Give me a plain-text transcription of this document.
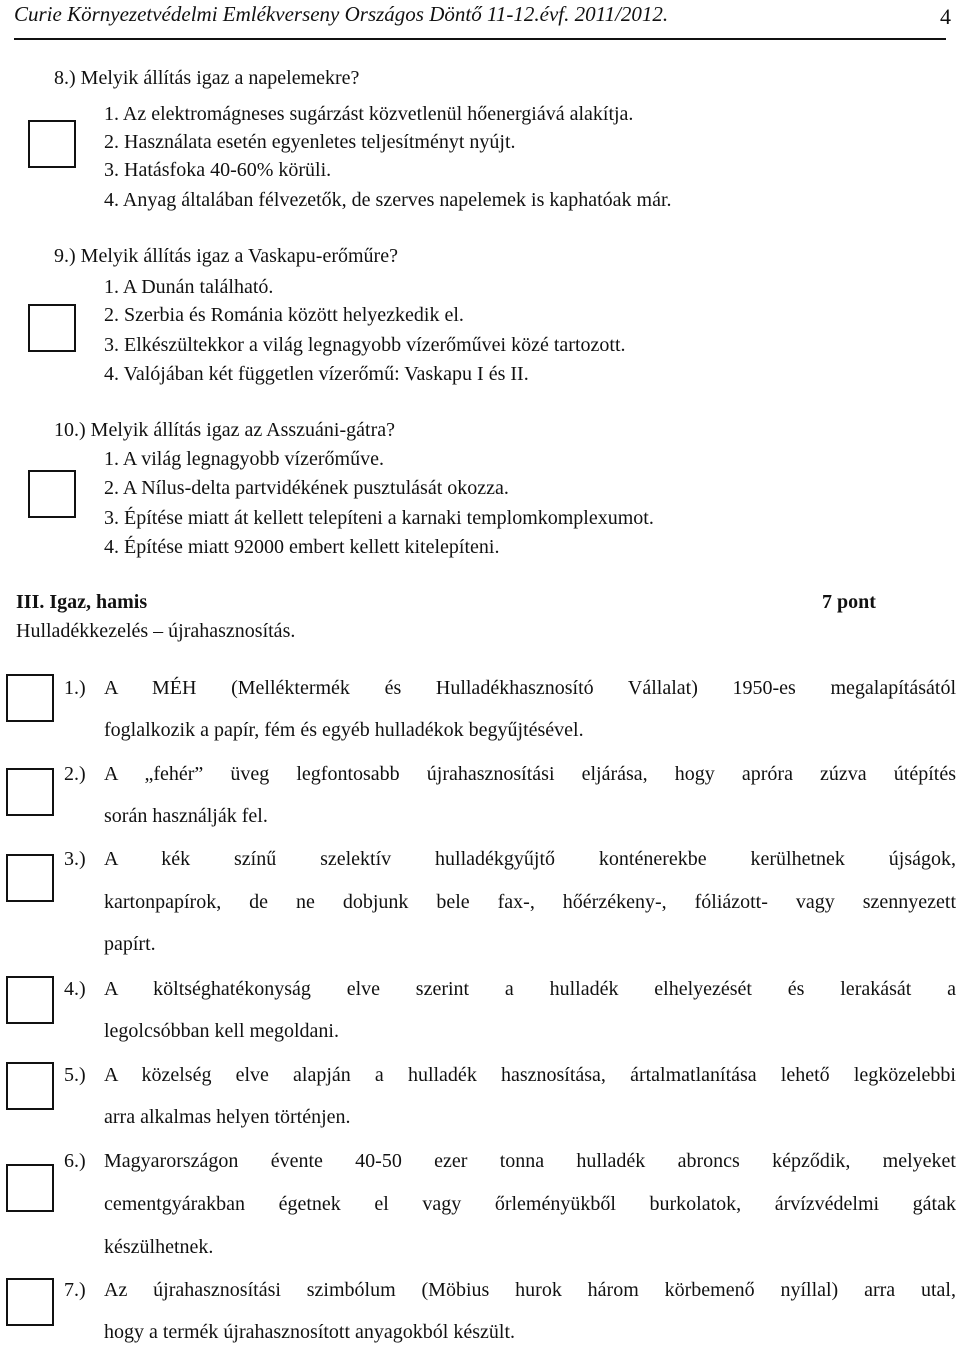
Curie Környezetvédelmi Emlékverseny Országos Döntő 11-12.évf. 2011/2012.	4
8.) Melyik állítás igaz a napelemekre?
1. Az elektromágneses sugárzást közvetlenül hőenergiává alakítja.
2. Használata esetén egyenletes teljesítményt nyújt.
3. Hatásfoka 40-60% körüli.
4. Anyag általában félvezetők, de szerves napelemek is kaphatóak már.
9.) Melyik állítás igaz a Vaskapu-erőműre?
1. A Dunán található.
2. Szerbia és Románia között helyezkedik el.
3. Elkészültekkor a világ legnagyobb vízerőművei közé tartozott.
4. Valójában két független vízerőmű: Vaskapu I és II.
10.) Melyik állítás igaz az Asszuáni-gátra?
1. A világ legnagyobb vízerőműve.
2. A Nílus-delta partvidékének pusztulását okozza.
3. Építése miatt át kellett telepíteni a karnaki templomkomplexumot.
4. Építése miatt 92000 embert kellett kitelepíteni.
III. Igaz, hamis	7 pont
Hulladékkezelés – újrahasznosítás.
1.) A MÉH (Melléktermék és Hulladékhasznosító Vállalat) 1950-es megalapításától
foglalkozik a papír, fém és egyéb hulladékok begyűjtésével.
2.) A „fehér” üveg legfontosabb újrahasznosítási eljárása, hogy apróra zúzva útépítés
során használják fel.
3.) A kék színű szelektív hulladékgyűjtő konténerekbe kerülhetnek újságok,
kartonpapírok, de ne dobjunk bele fax-, hőérzékeny-, fóliázott- vagy szennyezett
papírt.
4.) A költséghatékonyság elve szerint a hulladék elhelyezését és lerakását a
legolcsóbban kell megoldani.
5.) A közelség elve alapján a hulladék hasznosítása, ártalmatlanítása lehető legközelebbi
arra alkalmas helyen történjen.
6.) Magyarországon évente 40-50 ezer tonna hulladék abroncs képződik, melyeket
cementgyárakban égetnek el vagy őrleményükből burkolatok, árvízvédelmi gátak
készülhetnek.
7.) Az újrahasznosítási szimbólum (Möbius hurok három körbemenő nyíllal) arra utal,
hogy a termék újrahasznosított anyagokból készült.
